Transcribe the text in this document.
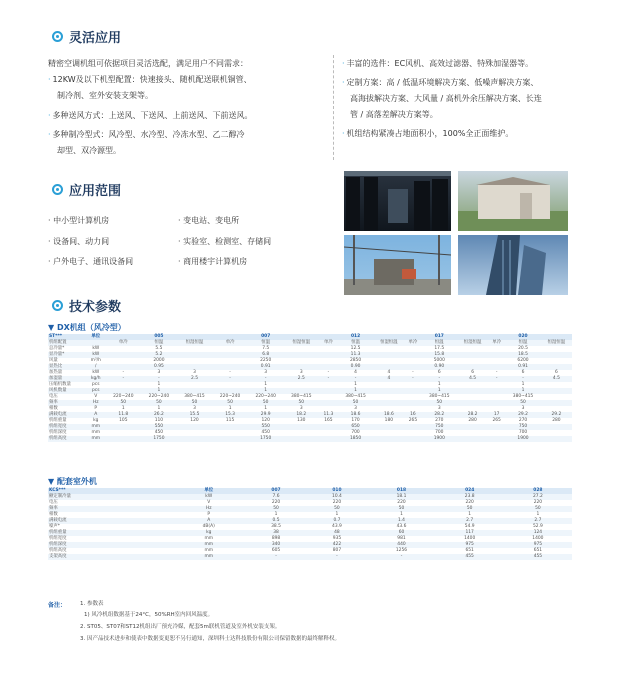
灵活应用
精密空调机组可依据项目灵活选配，满足用户不同需求：
· 12KW及以下机型配置：快速接头、随机配送联机铜管、
制冷剂、室外安装支架等。
· 多种送风方式：上送风、下送风、上前送风、下前送风。
· 多种制冷型式：风冷型、水冷型、冷冻水型、乙二醇冷
却型、双冷源型。
· 丰富的选件：EC风机、高效过滤器、特殊加湿器等。
· 定制方案：高 / 低温环境解决方案、低噪声解决方案、
高海拔解决方案、大风量 / 高机外余压解决方案、长连
管 / 高落差解决方案等。
· 机组结构紧凑占地面积小，100%全正面维护。
应用范围
· 中小型计算机房
· 设备间、动力间
· 户外电子、通讯设备间
· 变电站、变电所
· 实验室、检测室、存储间
· 商用楼宇计算机房
技术参数
▼ DX机组（风冷型）
ST***	单位		005			007			012			017			020	
机组配置		单冷	恒温	恒湿恒温	单冷	恒温	恒湿恒温	单冷	恒温	恒湿恒温	单冷	恒温	恒湿恒温	单冷	恒温	恒湿恒温
总冷量*	kW		5.5			7.5			12.5			17.5			20.5	
显冷量*	kW		5.2			6.8			11.3			15.8			18.5	
风量	m³/h		2000			2250			2850			5000			6200	
显热比	/		0.95			0.91			0.90			0.90			0.91	
加热量	kW	-	3	3	-	3	3	-	4	4	-	6	6	-	6	6
加湿量	kg/h	-	-	2.5	-	-	2.5	-	-	4	-	-	4.5	-	-	4.5
压缩机数量	pcs		1			1			1			1			1	
风机数量	pcs		1			1			1			1			1	
电压	V	220~240	220~240	380~415	220~240	220~240	380~415		380~415			380~415			380~415	
频率	Hz	50	50	50	50	50	50		50			50			50	
相数	P	1	1	3	1	1	3		3			3			3	
满载电流	A	11.8	26.2	15.5	15.3	29.9	18.2	11.3	18.6	18.6	16	28.2	28.2	17	29.2	29.2
机组重量	kg	105	110	120	115	120	130	165	170	180	265	270	280	265	270	280
机组宽度	mm		550			550			650			750			750	
机组深度	mm		450			450			700			700			700	
机组高度	mm		1750			1750			1850			1900			1900	
▼ 配套室外机
KCS***	单位	007	010	018	024	028
额定制冷量	kW	7.6	10.4	18.1	23.8	27.2
电压	V	220	220	220	220	220
频率	Hz	50	50	50	50	50
相数	P	1	1	1	1	1
满载电流	A	0.5	0.7	1.4	2.7	2.7
噪声*	dB(A)	38.5	43.9	43.6	54.9	52.9
机组重量	kg	38	48	60	117	124
机组宽度	mm	898	935	981	1400	1400
机组深度	mm	340	422	440	975	975
机组高度	mm	605	807	1256	651	651
支架高度	mm	-	-	-	455	455
备注：	1. 参数表
1) 风冷机组数据基于24°C，50%RH室内回风温度。
2. ST05、ST07和ST12机组出厂预充冷媒，配套5m联机管道及室外机安装支架。
3. 因产品技术进步和使表中数据变更恕不另行通知，深圳科士达科技股份有限公司保留数据的最终解释权。
